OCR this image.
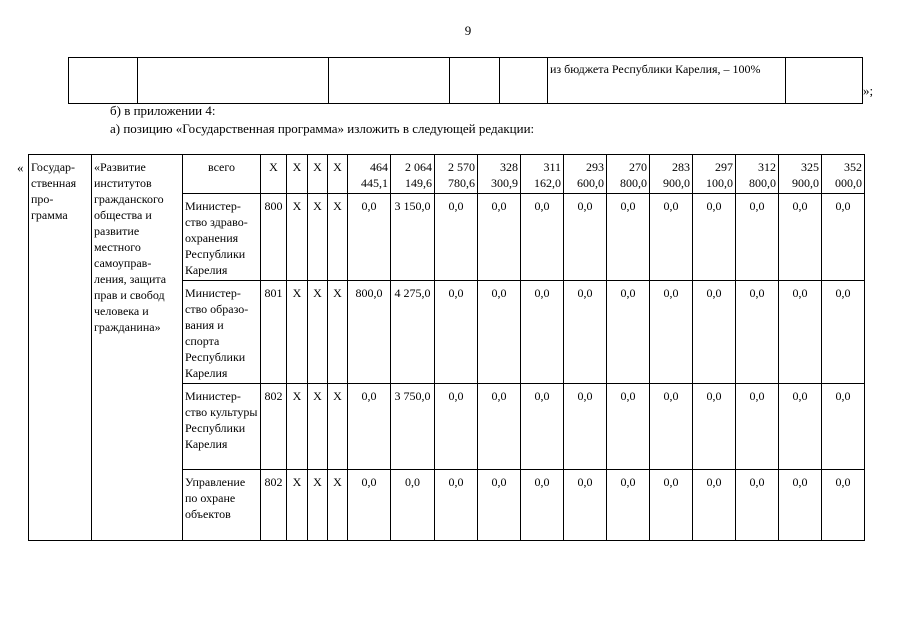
9
					из бюджета Республики Карелия, – 100%	
»;
б) в приложении 4:
а) позицию «Государственная программа» изложить в следующей редакции:
« Государ-ственная про-грамма	«Развитие институтов гражданского общества и развитие местного самоуправ-ления, защита прав и свобод человека и гражданина»	всего	Х	Х	Х	Х	464 445,1	2 064 149,6	2 570 780,6	328 300,9	311 162,0	293 600,0	270 800,0	283 900,0	297 100,0	312 800,0	325 900,0	352 000,0
		Министер-ство здраво-охранения Республики Карелия	800	Х	Х	Х	0,0	3 150,0	0,0	0,0	0,0	0,0	0,0	0,0	0,0	0,0	0,0	0,0
		Министер-ство образо-вания и спорта Республики Карелия	801	Х	Х	Х	800,0	4 275,0	0,0	0,0	0,0	0,0	0,0	0,0	0,0	0,0	0,0	0,0
		Министер-ство культуры Республики Карелия	802	Х	Х	Х	0,0	3 750,0	0,0	0,0	0,0	0,0	0,0	0,0	0,0	0,0	0,0	0,0
		Управление по охране объектов	802	Х	Х	Х	0,0	0,0	0,0	0,0	0,0	0,0	0,0	0,0	0,0	0,0	0,0	0,0
